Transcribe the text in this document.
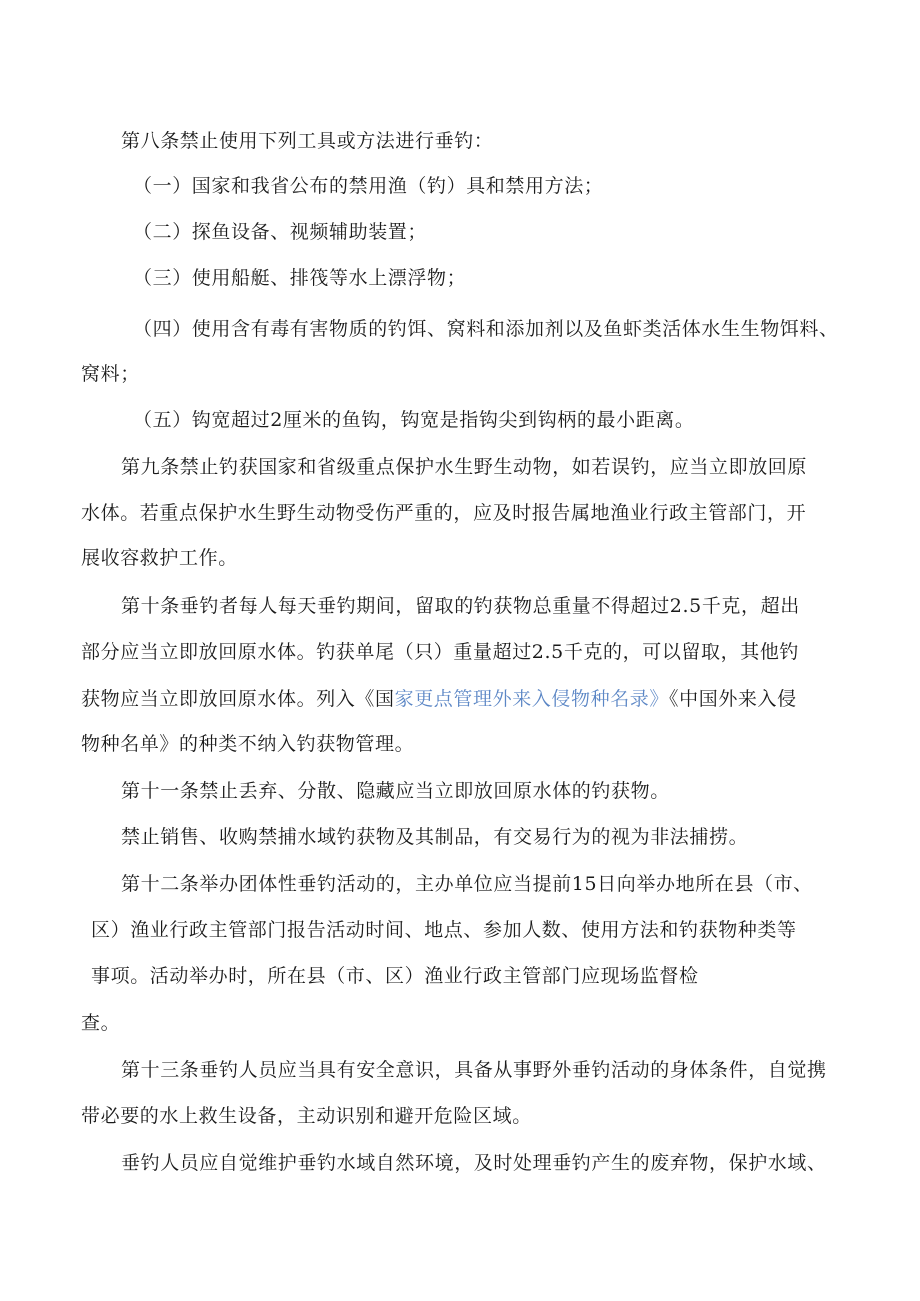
第八条禁止使用下列工具或方法进行垂钓：
（一）国家和我省公布的禁用渔（钓）具和禁用方法；
（二）探鱼设备、视频辅助装置；
（三）使用船艇、排筏等水上漂浮物；
（四）使用含有毒有害物质的钓饵、窝料和添加剂以及鱼虾类活体水生生物饵料、
窝料；
（五）钩宽超过2厘米的鱼钩，钩宽是指钩尖到钩柄的最小距离。
第九条禁止钓获国家和省级重点保护水生野生动物，如若误钓，应当立即放回原
水体。若重点保护水生野生动物受伤严重的，应及时报告属地渔业行政主管部门，开
展收容救护工作。
第十条垂钓者每人每天垂钓期间，留取的钓获物总重量不得超过2.5千克，超出
部分应当立即放回原水体。钓获单尾（只）重量超过2.5千克的，可以留取，其他钓
获物应当立即放回原水体。列入《国家更点管理外来入侵物种名录》《中国外来入侵
物种名单》的种类不纳入钓获物管理。
第十一条禁止丢弃、分散、隐藏应当立即放回原水体的钓获物。
禁止销售、收购禁捕水域钓获物及其制品，有交易行为的视为非法捕捞。
第十二条举办团体性垂钓活动的，主办单位应当提前15日向举办地所在县（市、
区）渔业行政主管部门报告活动时间、地点、参加人数、使用方法和钓获物种类等
事项。活动举办时，所在县（市、区）渔业行政主管部门应现场监督检
查。
第十三条垂钓人员应当具有安全意识，具备从事野外垂钓活动的身体条件，自觉携
带必要的水上救生设备，主动识别和避开危险区域。
垂钓人员应自觉维护垂钓水域自然环境，及时处理垂钓产生的废弃物，保护水域、
